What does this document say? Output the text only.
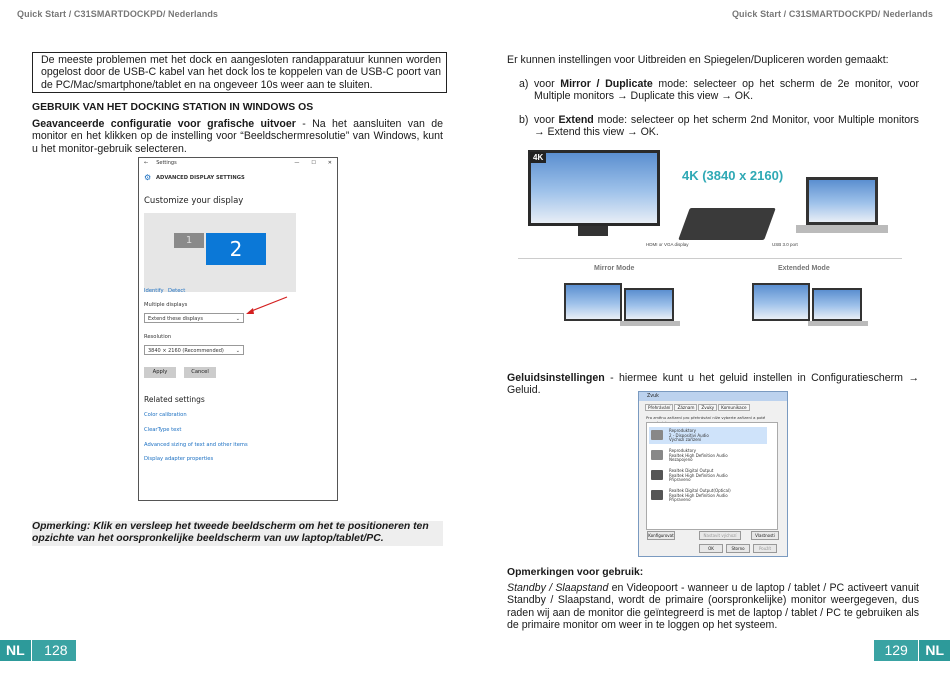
Quick Start / C31SMARTDOCKPD/ Nederlands	Quick Start / C31SMARTDOCKPD/ Nederlands
De meeste problemen met het dock en aangesloten randapparatuur kunnen worden opgelost door de USB-C kabel van het dock los te koppelen van de USB-C poort van de PC/Mac/smartphone/tablet en na ongeveer 10s weer aan te sluiten.
GEBRUIK VAN HET DOCKING STATION IN WINDOWS OS
Geavanceerde configuratie voor grafische uitvoer - Na het aansluiten van de monitor en het klikken op de instelling voor “Beeldschermresolutie” van Windows, kunt u het monitor-gebruik selecteren.
← Settings	— ☐ ✕
⚙ ADVANCED DISPLAY SETTINGS
Customize your display
1	2
Identify Detect
Multiple displays
Extend these displays	⌄
Resolution
3840 × 2160 (Recommended) ⌄
Apply	Cancel
Related settings
Color calibration
ClearType text
Advanced sizing of text and other items
Display adapter properties
Opmerking: Klik en versleep het tweede beeldscherm om het te positioneren ten opzichte van het oorspronkelijke beeldscherm van uw laptop/tablet/PC.
Er kunnen instellingen voor Uitbreiden en Spiegelen/Dupliceren worden gemaakt:
a) voor Mirror / Duplicate mode: selecteer op het scherm de 2e monitor, voor Multiple monitors → Duplicate this view → OK.
b) voor Extend mode: selecteer op het scherm 2nd Monitor, voor Multiple monitors → Extend this view → OK.
4K
4K (3840 x 2160)
HDMI or VGA display	USB 3.0 port
Mirror Mode	Extended Mode
Geluidsinstellingen - hiermee kunt u het geluid instellen in Configuratiescherm → Geluid.
Zvuk
Přehrávání	Záznam	Zvuky	Komunikace
Pro změnu zařízení pro přehrávání níže vyberte zařízení a poté
Reproduktory
2 - Dispositivi Audio
Výchozí zařízení
Reproduktory
Realtek High Definition Audio
Nezapojeno
Realtek Digital Output
Realtek High Definition Audio
Připraveno
Realtek Digital Output(Optical)
Realtek High Definition Audio
Připraveno
Konfigurovat	Nastavit výchozí	Vlastnosti
OK	Storno	Použít
Opmerkingen voor gebruik:
Standby / Slaapstand en Videopoort - wanneer u de laptop / tablet / PC activeert vanuit Standby / Slaapstand, wordt de primaire (oorspronkelijke) monitor weergegeven, dus raden wij aan de monitor die geïntegreerd is met de laptop / tablet / PC te gebruiken als de primaire monitor om weer in te loggen op het systeem.
NL	128	129	NL
